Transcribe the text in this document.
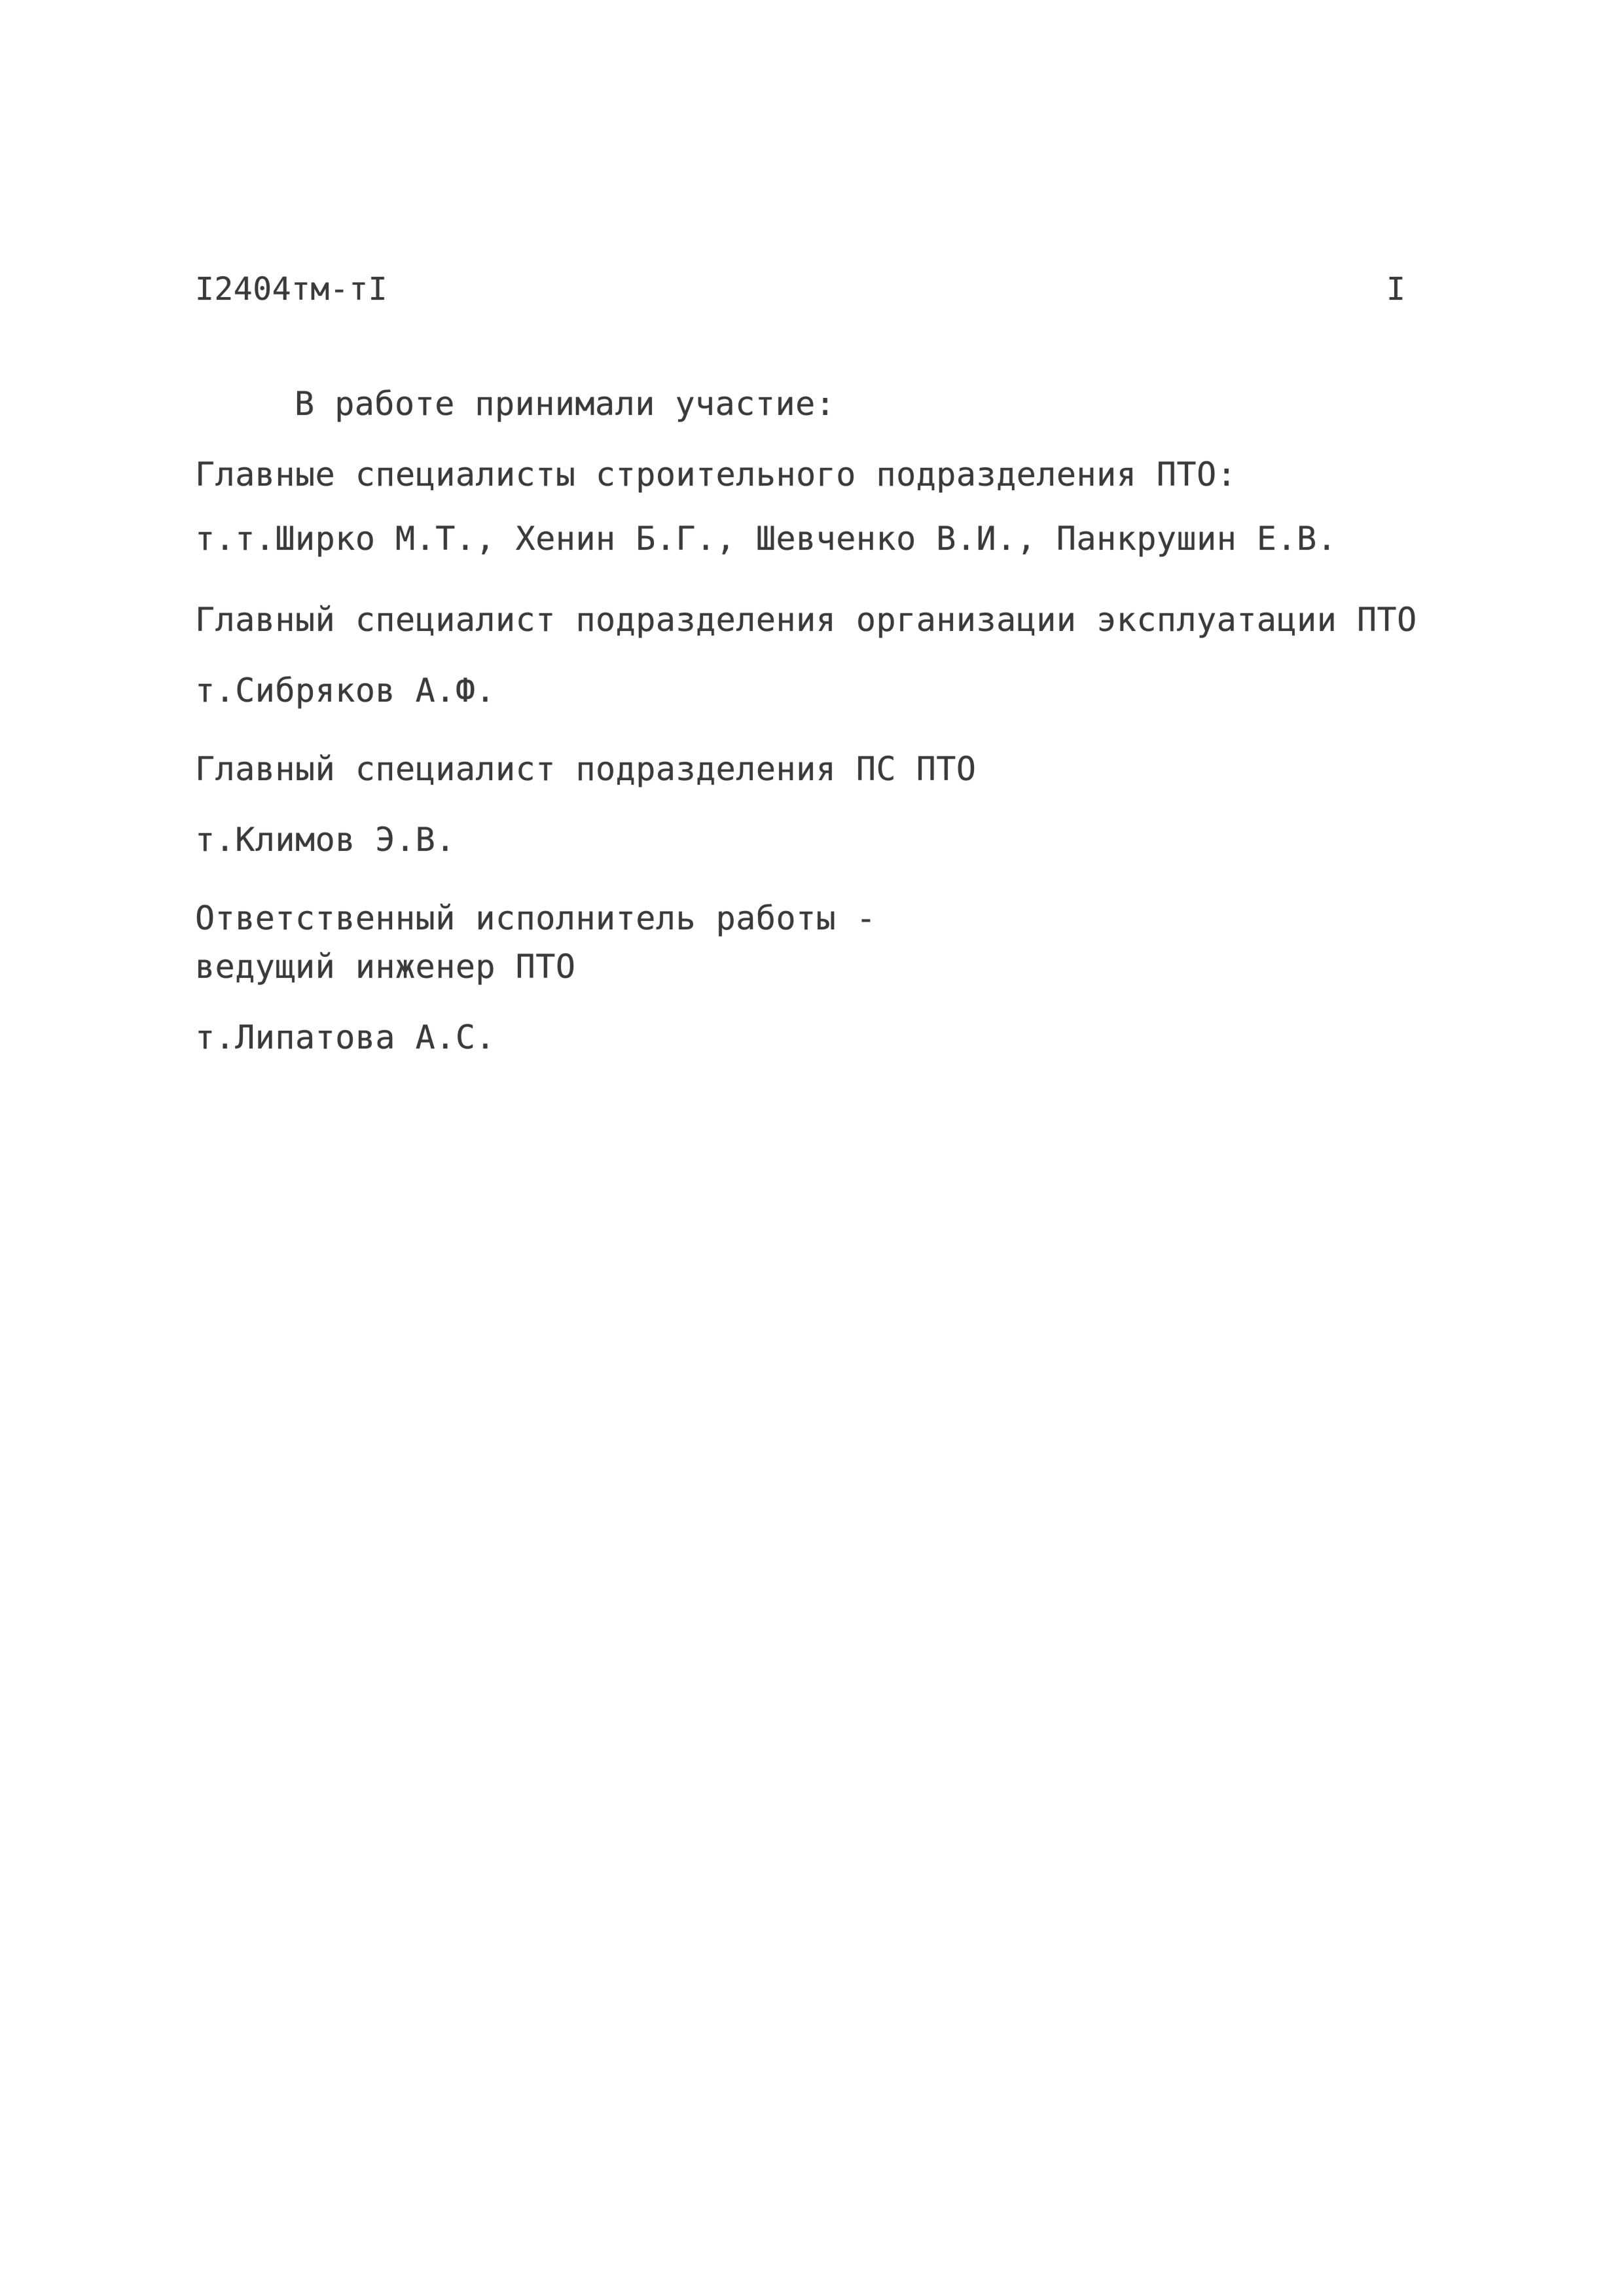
I2404тм-тI	I
В работе принимали участие:
Главные специалисты строительного подразделения ПТО:
т.т.Ширко М.Т., Хенин Б.Г., Шевченко В.И., Панкрушин Е.В.
Главный специалист подразделения организации эксплуатации ПТО
т.Сибряков А.Ф.
Главный специалист подразделения ПС ПТО
т.Климов Э.В.
Ответственный исполнитель работы -
ведущий инженер ПТО
т.Липатова А.С.
